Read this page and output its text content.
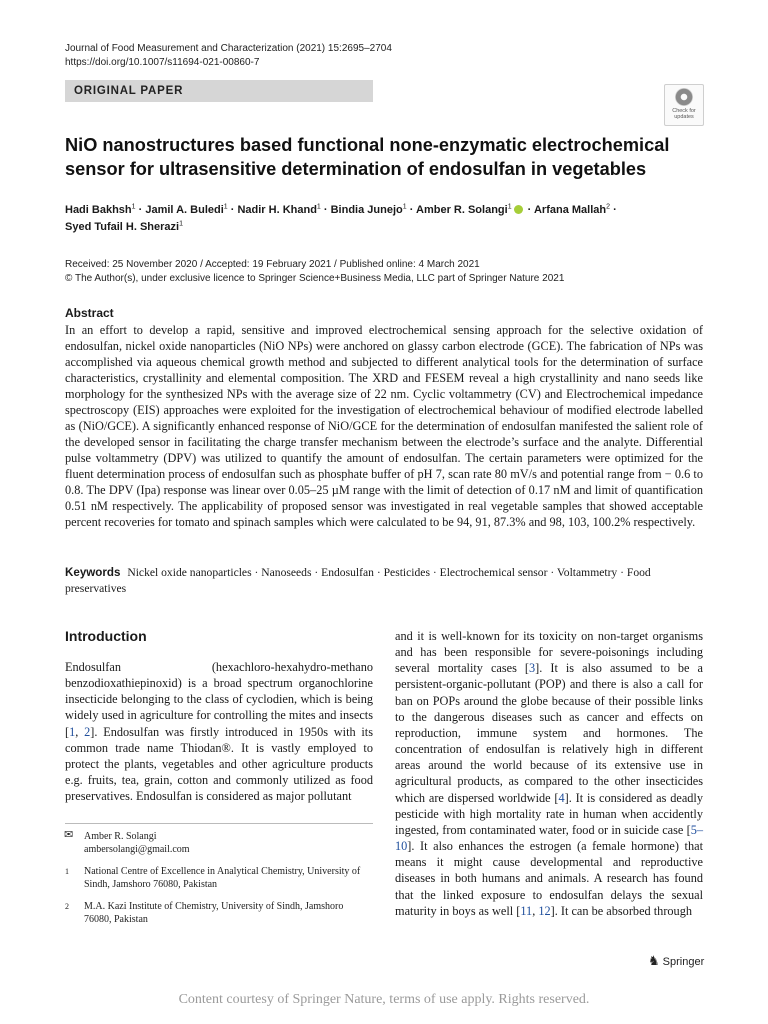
Journal of Food Measurement and Characterization (2021) 15:2695–2704
https://doi.org/10.1007/s11694-021-00860-7
ORIGINAL PAPER
Check for
updates
NiO nanostructures based functional none-enzymatic electrochemical sensor for ultrasensitive determination of endosulfan in vegetables
Hadi Bakhsh$^1$ · Jamil A. Buledi$^1$ · Nadir H. Khand$^1$ · Bindia Junejo$^1$ · Amber R. Solangi$^1$ · Arfana Mallah$^2$ ·
Syed Tufail H. Sherazi$^1$
Received: 25 November 2020 / Accepted: 19 February 2021 / Published online: 4 March 2021
© The Author(s), under exclusive licence to Springer Science+Business Media, LLC part of Springer Nature 2021
Abstract

In an effort to develop a rapid, sensitive and improved electrochemical sensing approach for the selective oxidation of endosulfan, nickel oxide nanoparticles (NiO NPs) were anchored on glassy carbon electrode (GCE). The fabrication of NPs was accomplished via aqueous chemical growth method and subjected to different analytical tools for the determination of surface characteristics, crystallinity and elemental composition. The XRD and FESEM reveal a high crystallinity and nano seeds like morphology for the synthesized NPs with the average size of 22 nm. Cyclic voltammetry (CV) and Electrochemical impedance spectroscopy (EIS) approaches were exploited for the investigation of electrochemical behaviour of modified electrode labelled as (NiO/GCE). A significantly enhanced response of NiO/GCE for the determination of endosulfan manifested the salient role of the developed sensor in facilitating the charge transfer mechanism between the electrode’s surface and the analyte. Differential pulse voltammetry (DPV) was utilized to quantify the amount of endosulfan. The certain parameters were optimized for the fluent determination process of endosulfan such as phosphate buffer of pH 7, scan rate 80 mV/s and potential range from − 0.6 to 0.8. The DPV (Ipa) response was linear over 0.05–25 µM range with the limit of detection of 0.17 nM and limit of quantification 0.51 nM respectively. The applicability of proposed sensor was investigated in real vegetable samples that showed acceptable percent recoveries for tomato and spinach samples which were calculated to be 94, 91, 87.3% and 98, 103, 100.2% respectively.

Keywords Nickel oxide nanoparticles · Nanoseeds · Endosulfan · Pesticides · Electrochemical sensor · Voltammetry · Food preservatives
Introduction

Endosulfan (hexachloro-hexahydro-methano benzodioxathiepinoxid) is a broad spectrum organochlorine insecticide belonging to the class of cyclodien, which is being widely used in agriculture for controlling the mites and insects [1, 2]. Endosulfan was firstly introduced in 1950s with its common trade name Thiodan®. It is vastly employed to protect the plants, vegetables and other agriculture products e.g. fruits, tea, grain, cotton and commonly utilized as food preservatives. Endosulfan is considered as major pollutant

and it is well-known for its toxicity on non-target organisms and has been responsible for severe-poisonings including several mortality cases [3]. It is also assumed to be a persistent-organic-pollutant (POP) and there is also a call for ban on POPs around the globe because of their possible links to the dangerous diseases such as cancer and effects on reproduction, immune system and hormones. The concentration of endosulfan is relatively high in different areas around the world because of its extensive use in agricultural products, as compared to the other insecticides which are dispersed worldwide [4]. It is considered as deadly pesticide with high mortality rate in human when accidently ingested, from contaminated water, food or in suicide case [5–10]. It also enhances the estrogen (a female hormone) that means it might cause developmental and reproductive diseases in both humans and animals. A research has found that the linked exposure to endosulfan delays the sexual maturity in boys as well [11, 12]. It can be absorbed through

✉ Amber R. Solangi
ambersolangi@gmail.com
1 National Centre of Excellence in Analytical Chemistry, University of Sindh, Jamshoro 76080, Pakistan
2 M.A. Kazi Institute of Chemistry, University of Sindh, Jamshoro 76080, Pakistan
♞ Springer
Content courtesy of Springer Nature, terms of use apply. Rights reserved.
